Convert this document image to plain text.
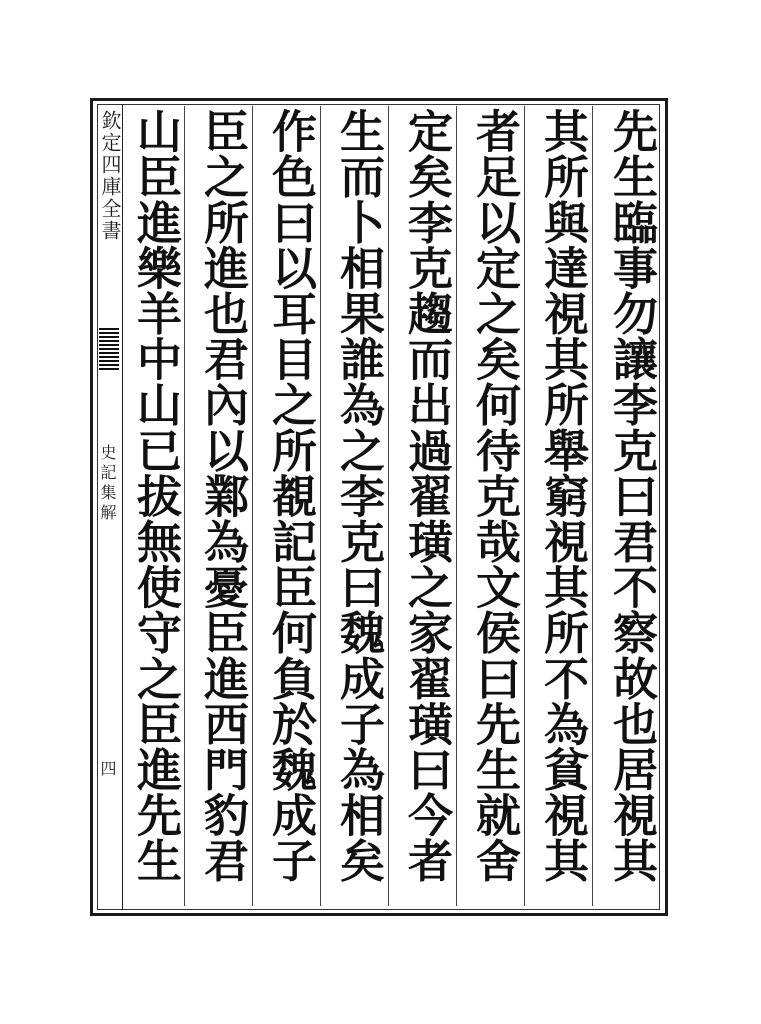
欽定四庫全書
史記集解
四
先生臨事勿讓李克曰君不察故也居視其
其所與達視其所舉窮視其所不為貧視其
者足以定之矣何待克哉文侯曰先生就舍
定矣李克趨而出過翟璜之家翟璜曰今者
生而卜相果誰為之李克曰魏成子為相矣
作色曰以耳目之所覩記臣何負於魏成子
臣之所進也君內以鄴為憂臣進西門豹君
山臣進樂羊中山已拔無使守之臣進先生
